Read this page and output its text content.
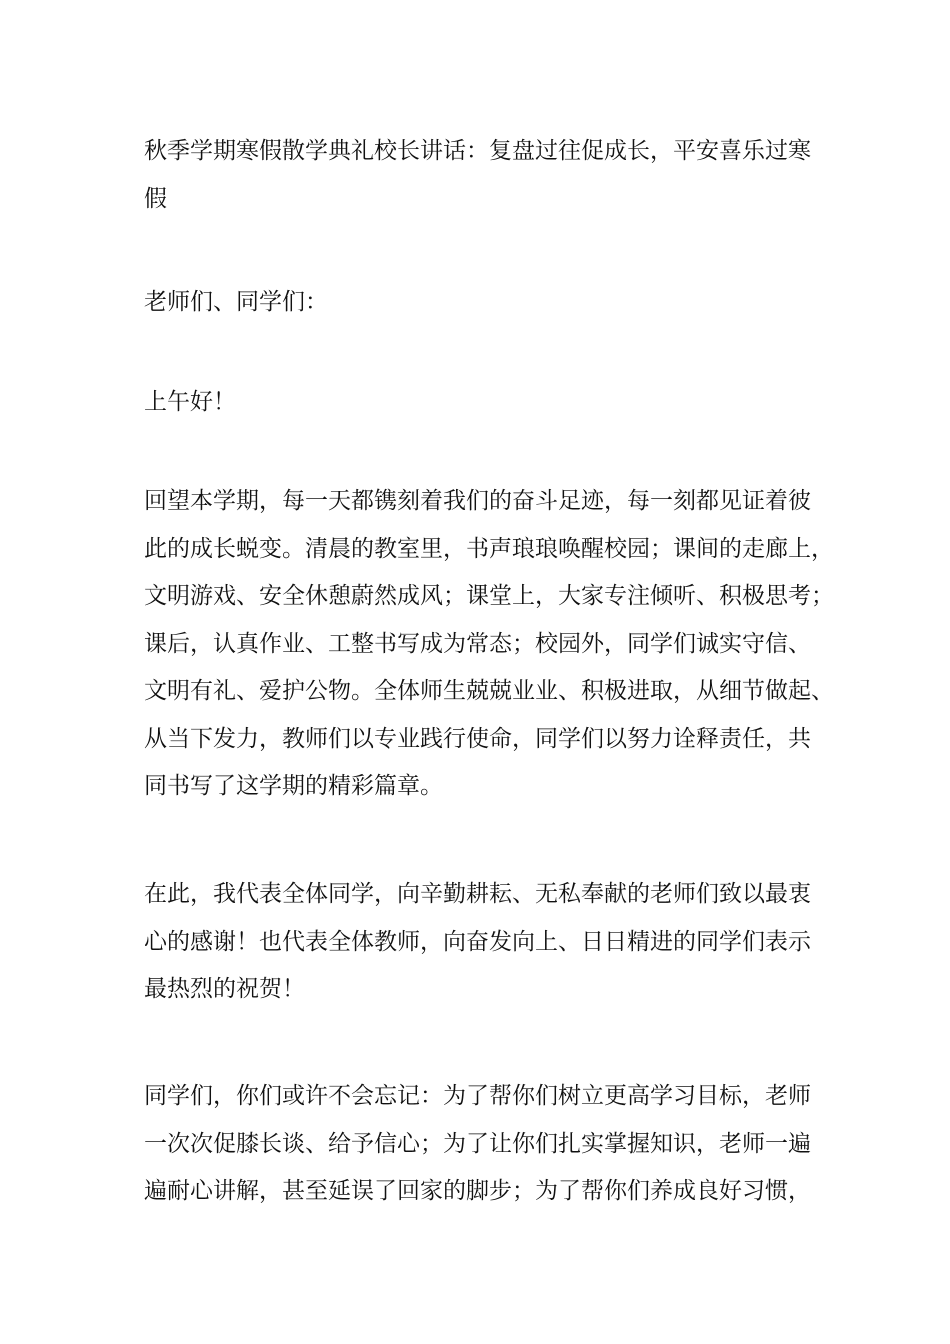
秋季学期寒假散学典礼校长讲话：复盘过往促成长，平安喜乐过寒
假

老师们、同学们：

上午好！

回望本学期，每一天都镌刻着我们的奋斗足迹，每一刻都见证着彼
此的成长蜕变。清晨的教室里，书声琅琅唤醒校园；课间的走廊上，
文明游戏、安全休憩蔚然成风；课堂上，大家专注倾听、积极思考；
课后，认真作业、工整书写成为常态；校园外，同学们诚实守信、
文明有礼、爱护公物。全体师生兢兢业业、积极进取，从细节做起、
从当下发力，教师们以专业践行使命，同学们以努力诠释责任，共
同书写了这学期的精彩篇章。

在此，我代表全体同学，向辛勤耕耘、无私奉献的老师们致以最衷
心的感谢！也代表全体教师，向奋发向上、日日精进的同学们表示
最热烈的祝贺！

同学们，你们或许不会忘记：为了帮你们树立更高学习目标，老师
一次次促膝长谈、给予信心；为了让你们扎实掌握知识，老师一遍
遍耐心讲解，甚至延误了回家的脚步；为了帮你们养成良好习惯，
